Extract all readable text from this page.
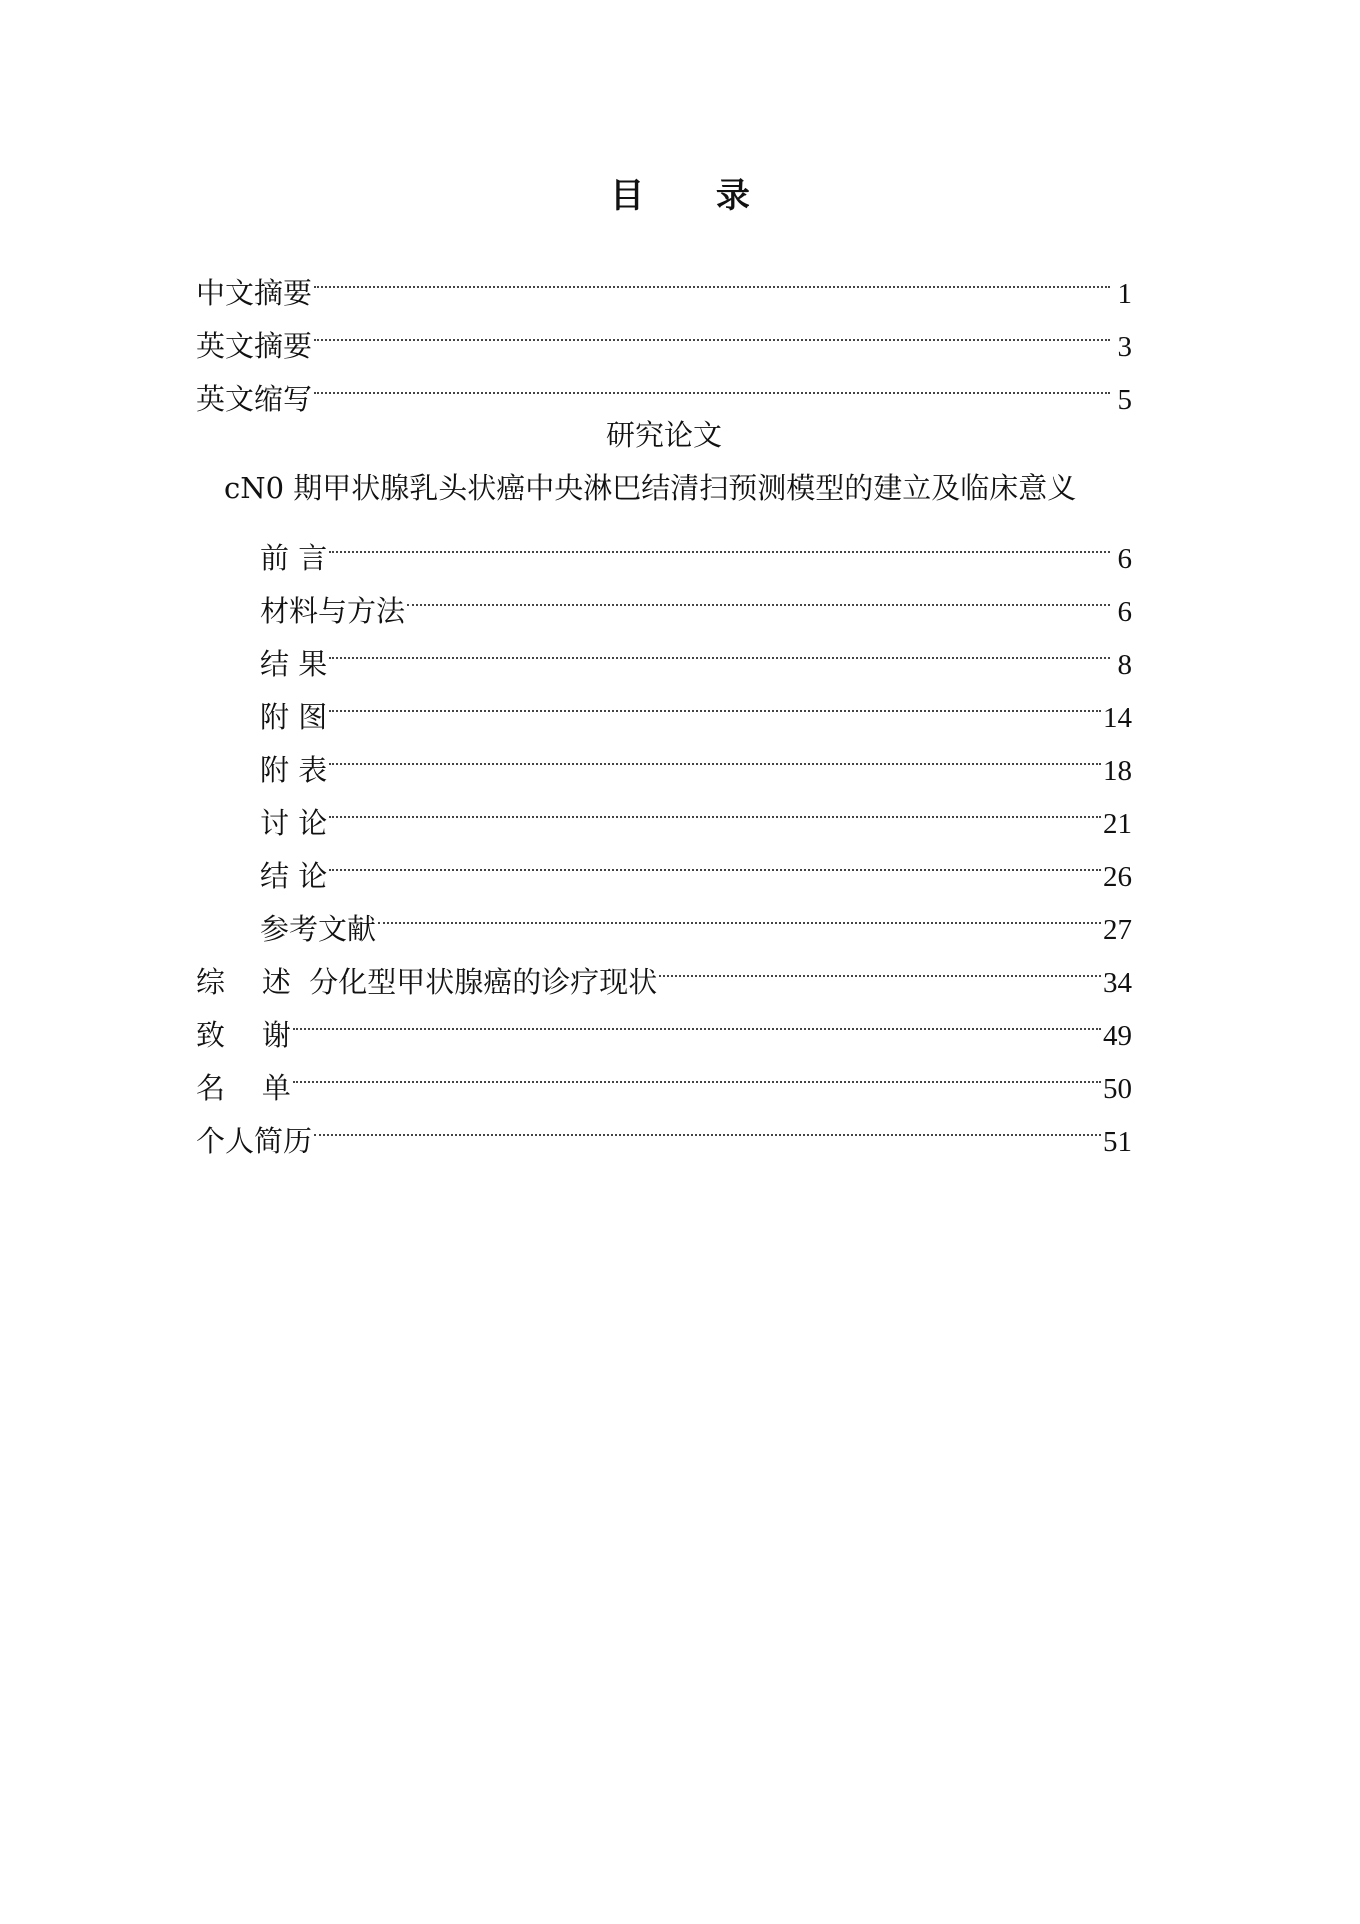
目 录
中文摘要	1
英文摘要	3
英文缩写	5
研究论文
cN0 期甲状腺乳头状癌中央淋巴结清扫预测模型的建立及临床意义
前 言	6
材料与方法	6
结 果	8
附 图	14
附 表	18
讨 论	21
结 论	26
参考文献	27
综    述  分化型甲状腺癌的诊疗现状	34
致    谢	49
名    单	50
个人简历	51
